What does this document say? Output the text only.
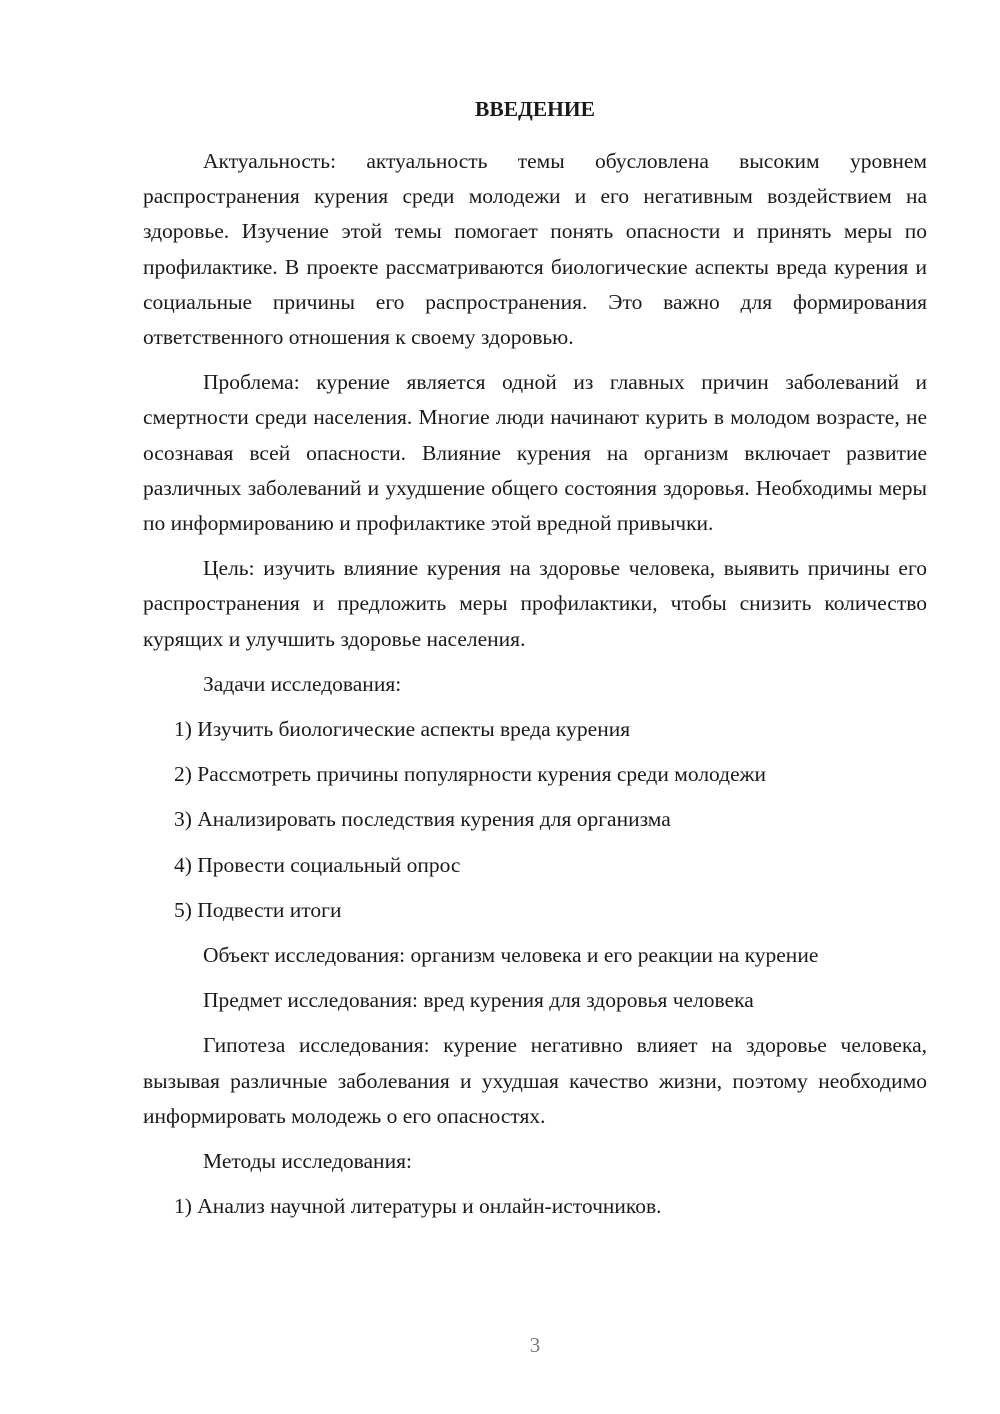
ВВЕДЕНИЕ

Актуальность: актуальность темы обусловлена высоким уровнем распространения курения среди молодежи и его негативным воздействием на здоровье. Изучение этой темы помогает понять опасности и принять меры по профилактике. В проекте рассматриваются биологические аспекты вреда курения и социальные причины его распространения. Это важно для формирования ответственного отношения к своему здоровью.

Проблема: курение является одной из главных причин заболеваний и смертности среди населения. Многие люди начинают курить в молодом возрасте, не осознавая всей опасности. Влияние курения на организм включает развитие различных заболеваний и ухудшение общего состояния здоровья. Необходимы меры по информированию и профилактике этой вредной привычки.

Цель: изучить влияние курения на здоровье человека, выявить причины его распространения и предложить меры профилактики, чтобы снизить количество курящих и улучшить здоровье населения.

Задачи исследования:
1) Изучить биологические аспекты вреда курения
2) Рассмотреть причины популярности курения среди молодежи
3) Анализировать последствия курения для организма
4) Провести социальный опрос
5) Подвести итоги
Объект исследования: организм человека и его реакции на курение
Предмет исследования: вред курения для здоровья человека

Гипотеза исследования: курение негативно влияет на здоровье человека, вызывая различные заболевания и ухудшая качество жизни, поэтому необходимо информировать молодежь о его опасностях.

Методы исследования:
1) Анализ научной литературы и онлайн-источников.
3
